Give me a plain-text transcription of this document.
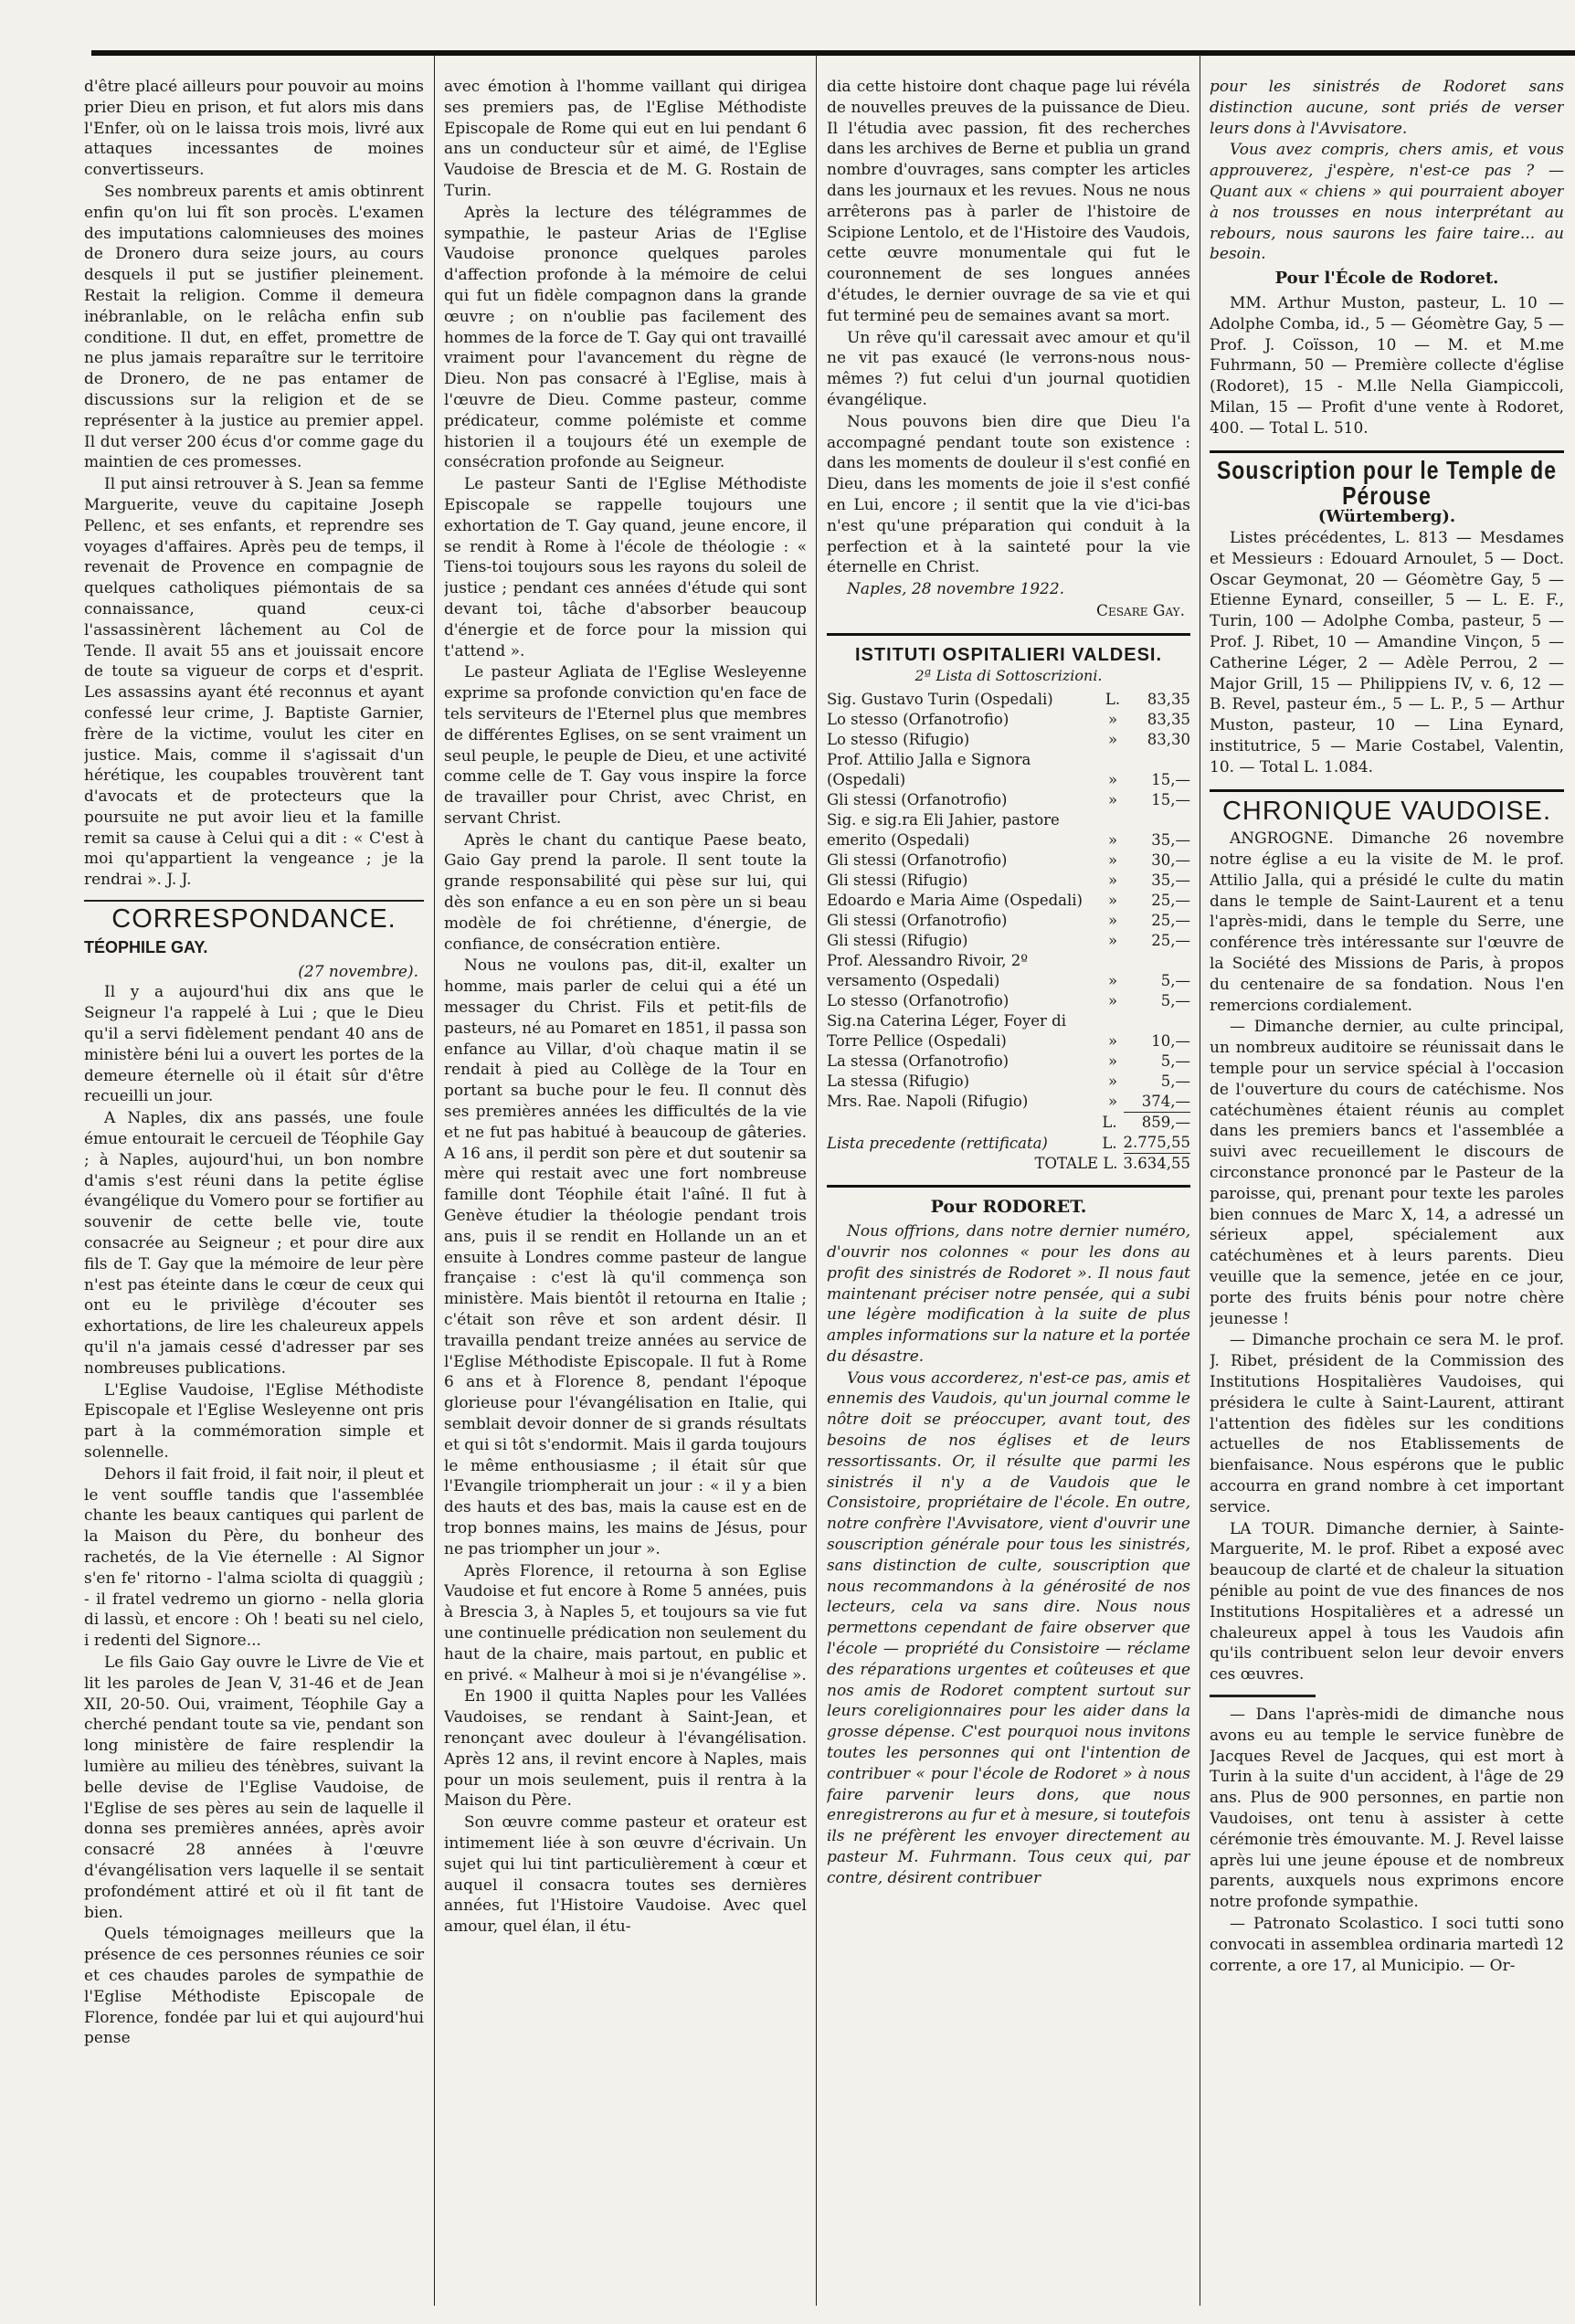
d'être placé ailleurs pour pouvoir au moins prier Dieu en prison, et fut alors mis dans l'Enfer, où on le laissa trois mois, livré aux attaques incessantes de moines convertisseurs.

Ses nombreux parents et amis obtinrent enfin qu'on lui fît son procès. L'examen des imputations calomnieuses des moines de Dronero dura seize jours, au cours desquels il put se justifier pleinement. Restait la religion. Comme il demeura inébranlable, on le relâcha enfin sub conditione. Il dut, en effet, promettre de ne plus jamais reparaître sur le territoire de Dronero, de ne pas entamer de discussions sur la religion et de se représenter à la justice au premier appel. Il dut verser 200 écus d'or comme gage du maintien de ces promesses.

Il put ainsi retrouver à S. Jean sa femme Marguerite, veuve du capitaine Joseph Pellenc, et ses enfants, et reprendre ses voyages d'affaires. Après peu de temps, il revenait de Provence en compagnie de quelques catholiques piémontais de sa connaissance, quand ceux-ci l'assassinèrent lâchement au Col de Tende. Il avait 55 ans et jouissait encore de toute sa vigueur de corps et d'esprit. Les assassins ayant été reconnus et ayant confessé leur crime, J. Baptiste Garnier, frère de la victime, voulut les citer en justice. Mais, comme il s'agissait d'un hérétique, les coupables trouvèrent tant d'avocats et de protecteurs que la poursuite ne put avoir lieu et la famille remit sa cause à Celui qui a dit : « C'est à moi qu'appartient la vengeance ; je la rendrai ». J. J.

CORRESPONDANCE.
TÉOPHILE GAY.
(27 novembre).

Il y a aujourd'hui dix ans que le Seigneur l'a rappelé à Lui ; que le Dieu qu'il a servi fidèlement pendant 40 ans de ministère béni lui a ouvert les portes de la demeure éternelle où il était sûr d'être recueilli un jour.

A Naples, dix ans passés, une foule émue entourait le cercueil de Téophile Gay ; à Naples, aujourd'hui, un bon nombre d'amis s'est réuni dans la petite église évangélique du Vomero pour se fortifier au souvenir de cette belle vie, toute consacrée au Seigneur ; et pour dire aux fils de T. Gay que la mémoire de leur père n'est pas éteinte dans le cœur de ceux qui ont eu le privilège d'écouter ses exhortations, de lire les chaleureux appels qu'il n'a jamais cessé d'adresser par ses nombreuses publications.

L'Eglise Vaudoise, l'Eglise Méthodiste Episcopale et l'Eglise Wesleyenne ont pris part à la commémoration simple et solennelle.

Dehors il fait froid, il fait noir, il pleut et le vent souffle tandis que l'assemblée chante les beaux cantiques qui parlent de la Maison du Père, du bonheur des rachetés, de la Vie éternelle : Al Signor s'en fe' ritorno - l'alma sciolta di quaggiù ; - il fratel vedremo un giorno - nella gloria di lassù, et encore : Oh ! beati su nel cielo, i redenti del Signore...

Le fils Gaio Gay ouvre le Livre de Vie et lit les paroles de Jean V, 31-46 et de Jean XII, 20-50. Oui, vraiment, Téophile Gay a cherché pendant toute sa vie, pendant son long ministère de faire resplendir la lumière au milieu des ténèbres, suivant la belle devise de l'Eglise Vaudoise, de l'Eglise de ses pères au sein de laquelle il donna ses premières années, après avoir consacré 28 années à l'œuvre d'évangélisation vers laquelle il se sentait profondément attiré et où il fit tant de bien.

Quels témoignages meilleurs que la présence de ces personnes réunies ce soir et ces chaudes paroles de sympathie de l'Eglise Méthodiste Episcopale de Florence, fondée par lui et qui aujourd'hui pense

avec émotion à l'homme vaillant qui dirigea ses premiers pas, de l'Eglise Méthodiste Episcopale de Rome qui eut en lui pendant 6 ans un conducteur sûr et aimé, de l'Eglise Vaudoise de Brescia et de M. G. Rostain de Turin.

Après la lecture des télégrammes de sympathie, le pasteur Arias de l'Eglise Vaudoise prononce quelques paroles d'affection profonde à la mémoire de celui qui fut un fidèle compagnon dans la grande œuvre ; on n'oublie pas facilement des hommes de la force de T. Gay qui ont travaillé vraiment pour l'avancement du règne de Dieu. Non pas consacré à l'Eglise, mais à l'œuvre de Dieu. Comme pasteur, comme prédicateur, comme polémiste et comme historien il a toujours été un exemple de consécration profonde au Seigneur.

Le pasteur Santi de l'Eglise Méthodiste Episcopale se rappelle toujours une exhortation de T. Gay quand, jeune encore, il se rendit à Rome à l'école de théologie : « Tiens-toi toujours sous les rayons du soleil de justice ; pendant ces années d'étude qui sont devant toi, tâche d'absorber beaucoup d'énergie et de force pour la mission qui t'attend ».

Le pasteur Agliata de l'Eglise Wesleyenne exprime sa profonde conviction qu'en face de tels serviteurs de l'Eternel plus que membres de différentes Eglises, on se sent vraiment un seul peuple, le peuple de Dieu, et une activité comme celle de T. Gay vous inspire la force de travailler pour Christ, avec Christ, en servant Christ.

Après le chant du cantique Paese beato, Gaio Gay prend la parole. Il sent toute la grande responsabilité qui pèse sur lui, qui dès son enfance a eu en son père un si beau modèle de foi chrétienne, d'énergie, de confiance, de consécration entière.

Nous ne voulons pas, dit-il, exalter un homme, mais parler de celui qui a été un messager du Christ. Fils et petit-fils de pasteurs, né au Pomaret en 1851, il passa son enfance au Villar, d'où chaque matin il se rendait à pied au Collège de la Tour en portant sa buche pour le feu. Il connut dès ses premières années les difficultés de la vie et ne fut pas habitué à beaucoup de gâteries. A 16 ans, il perdit son père et dut soutenir sa mère qui restait avec une fort nombreuse famille dont Téophile était l'aîné. Il fut à Genève étudier la théologie pendant trois ans, puis il se rendit en Hollande un an et ensuite à Londres comme pasteur de langue française : c'est là qu'il commença son ministère. Mais bientôt il retourna en Italie ; c'était son rêve et son ardent désir. Il travailla pendant treize années au service de l'Eglise Méthodiste Episcopale. Il fut à Rome 6 ans et à Florence 8, pendant l'époque glorieuse pour l'évangélisation en Italie, qui semblait devoir donner de si grands résultats et qui si tôt s'endormit. Mais il garda toujours le même enthousiasme ; il était sûr que l'Evangile triompherait un jour : « il y a bien des hauts et des bas, mais la cause est en de trop bonnes mains, les mains de Jésus, pour ne pas triompher un jour ».

Après Florence, il retourna à son Eglise Vaudoise et fut encore à Rome 5 années, puis à Brescia 3, à Naples 5, et toujours sa vie fut une continuelle prédication non seulement du haut de la chaire, mais partout, en public et en privé. « Malheur à moi si je n'évangélise ».

En 1900 il quitta Naples pour les Vallées Vaudoises, se rendant à Saint-Jean, et renonçant avec douleur à l'évangélisation. Après 12 ans, il revint encore à Naples, mais pour un mois seulement, puis il rentra à la Maison du Père.

Son œuvre comme pasteur et orateur est intimement liée à son œuvre d'écrivain. Un sujet qui lui tint particulièrement à cœur et auquel il consacra toutes ses dernières années, fut l'Histoire Vaudoise. Avec quel amour, quel élan, il étu-

dia cette histoire dont chaque page lui révéla de nouvelles preuves de la puissance de Dieu. Il l'étudia avec passion, fit des recherches dans les archives de Berne et publia un grand nombre d'ouvrages, sans compter les articles dans les journaux et les revues. Nous ne nous arrêterons pas à parler de l'histoire de Scipione Lentolo, et de l'Histoire des Vaudois, cette œuvre monumentale qui fut le couronnement de ses longues années d'études, le dernier ouvrage de sa vie et qui fut terminé peu de semaines avant sa mort.

Un rêve qu'il caressait avec amour et qu'il ne vit pas exaucé (le verrons-nous nous-mêmes ?) fut celui d'un journal quotidien évangélique.

Nous pouvons bien dire que Dieu l'a accompagné pendant toute son existence : dans les moments de douleur il s'est confié en Dieu, dans les moments de joie il s'est confié en Lui, encore ; il sentit que la vie d'ici-bas n'est qu'une préparation qui conduit à la perfection et à la sainteté pour la vie éternelle en Christ.

Naples, 28 novembre 1922.

Cesare Gay.
ISTITUTI OSPITALIERI VALDESI.
2ª Lista di Sottoscrizioni.
Sig. Gustavo Turin (Ospedali)	L.	83,35
Lo stesso (Orfanotrofio)	»	83,35
Lo stesso (Rifugio)	»	83,30
Prof. Attilio Jalla e Signora (Ospedali)	»	15,—
Gli stessi (Orfanotrofio)	»	15,—
Sig. e sig.ra Eli Jahier, pastore emerito (Ospedali)	»	35,—
Gli stessi (Orfanotrofio)	»	30,—
Gli stessi (Rifugio)	»	35,—
Edoardo e Maria Aime (Ospedali)	»	25,—
Gli stessi (Orfanotrofio)	»	25,—
Gli stessi (Rifugio)	»	25,—
Prof. Alessandro Rivoir, 2º versamento (Ospedali)	»	5,—
Lo stesso (Orfanotrofio)	»	5,—
Sig.na Caterina Léger, Foyer di Torre Pellice (Ospedali)	»	10,—
La stessa (Orfanotrofio)	»	5,—
La stessa (Rifugio)	»	5,—
Mrs. Rae. Napoli (Rifugio)	»	374,—
	L.	859,—
Lista precedente (rettificata)	L.	2.775,55
TOTALE L.		3.634,55
Pour RODORET.

Nous offrions, dans notre dernier numéro, d'ouvrir nos colonnes « pour les dons au profit des sinistrés de Rodoret ». Il nous faut maintenant préciser notre pensée, qui a subi une légère modification à la suite de plus amples informations sur la nature et la portée du désastre.

Vous vous accorderez, n'est-ce pas, amis et ennemis des Vaudois, qu'un journal comme le nôtre doit se préoccuper, avant tout, des besoins de nos églises et de leurs ressortissants. Or, il résulte que parmi les sinistrés il n'y a de Vaudois que le Consistoire, propriétaire de l'école. En outre, notre confrère l'Avvisatore, vient d'ouvrir une souscription générale pour tous les sinistrés, sans distinction de culte, souscription que nous recommandons à la générosité de nos lecteurs, cela va sans dire. Nous nous permettons cependant de faire observer que l'école — propriété du Consistoire — réclame des réparations urgentes et coûteuses et que nos amis de Rodoret comptent surtout sur leurs coreligionnaires pour les aider dans la grosse dépense. C'est pourquoi nous invitons toutes les personnes qui ont l'intention de contribuer « pour l'école de Rodoret » à nous faire parvenir leurs dons, que nous enregistrerons au fur et à mesure, si toutefois ils ne préfèrent les envoyer directement au pasteur M. Fuhrmann. Tous ceux qui, par contre, désirent contribuer

pour les sinistrés de Rodoret sans distinction aucune, sont priés de verser leurs dons à l'Avvisatore.

Vous avez compris, chers amis, et vous approuverez, j'espère, n'est-ce pas ? — Quant aux « chiens » qui pourraient aboyer à nos trousses en nous interprétant au rebours, nous saurons les faire taire... au besoin.

Pour l'École de Rodoret.

MM. Arthur Muston, pasteur, L. 10 — Adolphe Comba, id., 5 — Géomètre Gay, 5 — Prof. J. Coïsson, 10 — M. et M.me Fuhrmann, 50 — Première collecte d'église (Rodoret), 15 - M.lle Nella Giampiccoli, Milan, 15 — Profit d'une vente à Rodoret, 400. — Total L. 510.

Souscription pour le Temple de Pérouse
(Würtemberg).

Listes précédentes, L. 813 — Mesdames et Messieurs : Edouard Arnoulet, 5 — Doct. Oscar Geymonat, 20 — Géomètre Gay, 5 — Etienne Eynard, conseiller, 5 — L. E. F., Turin, 100 — Adolphe Comba, pasteur, 5 — Prof. J. Ribet, 10 — Amandine Vinçon, 5 — Catherine Léger, 2 — Adèle Perrou, 2 — Major Grill, 15 — Philippiens IV, v. 6, 12 — B. Revel, pasteur ém., 5 — L. P., 5 — Arthur Muston, pasteur, 10 — Lina Eynard, institutrice, 5 — Marie Costabel, Valentin, 10. — Total L. 1.084.

CHRONIQUE VAUDOISE.

ANGROGNE. Dimanche 26 novembre notre église a eu la visite de M. le prof. Attilio Jalla, qui a présidé le culte du matin dans le temple de Saint-Laurent et a tenu l'après-midi, dans le temple du Serre, une conférence très intéressante sur l'œuvre de la Société des Missions de Paris, à propos du centenaire de sa fondation. Nous l'en remercions cordialement.

— Dimanche dernier, au culte principal, un nombreux auditoire se réunissait dans le temple pour un service spécial à l'occasion de l'ouverture du cours de catéchisme. Nos catéchumènes étaient réunis au complet dans les premiers bancs et l'assemblée a suivi avec recueillement le discours de circonstance prononcé par le Pasteur de la paroisse, qui, prenant pour texte les paroles bien connues de Marc X, 14, a adressé un sérieux appel, spécialement aux catéchumènes et à leurs parents. Dieu veuille que la semence, jetée en ce jour, porte des fruits bénis pour notre chère jeunesse !

— Dimanche prochain ce sera M. le prof. J. Ribet, président de la Commission des Institutions Hospitalières Vaudoises, qui présidera le culte à Saint-Laurent, attirant l'attention des fidèles sur les conditions actuelles de nos Etablissements de bienfaisance. Nous espérons que le public accourra en grand nombre à cet important service.

LA TOUR. Dimanche dernier, à Sainte-Marguerite, M. le prof. Ribet a exposé avec beaucoup de clarté et de chaleur la situation pénible au point de vue des finances de nos Institutions Hospitalières et a adressé un chaleureux appel à tous les Vaudois afin qu'ils contribuent selon leur devoir envers ces œuvres.

— Dans l'après-midi de dimanche nous avons eu au temple le service funèbre de Jacques Revel de Jacques, qui est mort à Turin à la suite d'un accident, à l'âge de 29 ans. Plus de 900 personnes, en partie non Vaudoises, ont tenu à assister à cette cérémonie très émouvante. M. J. Revel laisse après lui une jeune épouse et de nombreux parents, auxquels nous exprimons encore notre profonde sympathie.

— Patronato Scolastico. I soci tutti sono convocati in assemblea ordinaria martedì 12 corrente, a ore 17, al Municipio. — Or-
